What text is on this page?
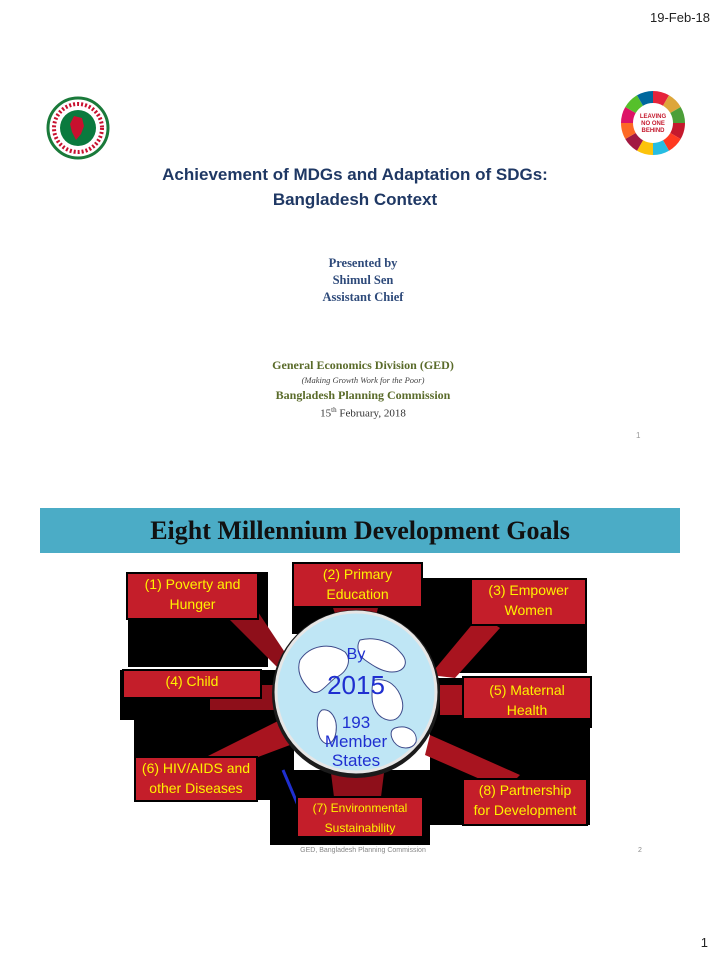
19-Feb-18
LEAVING
NO ONE
BEHIND
Achievement of MDGs and Adaptation of SDGs:
Bangladesh Context
Presented by
Shimul Sen
Assistant Chief
General Economics Division (GED)
(Making Growth Work for the Poor)
Bangladesh Planning Commission
15th February, 2018
1
Eight Millennium Development Goals
(1) Poverty and
Hunger
(2) Primary
Education	(3) Empower
Women
(4) Child
(5) Maternal
Health
(6) HIV/AIDS and
other Diseases
(7) Environmental
Sustainability
(8) Partnership
for Development
By
2015
193
Member
States
GED, Bangladesh Planning Commission	2
1
